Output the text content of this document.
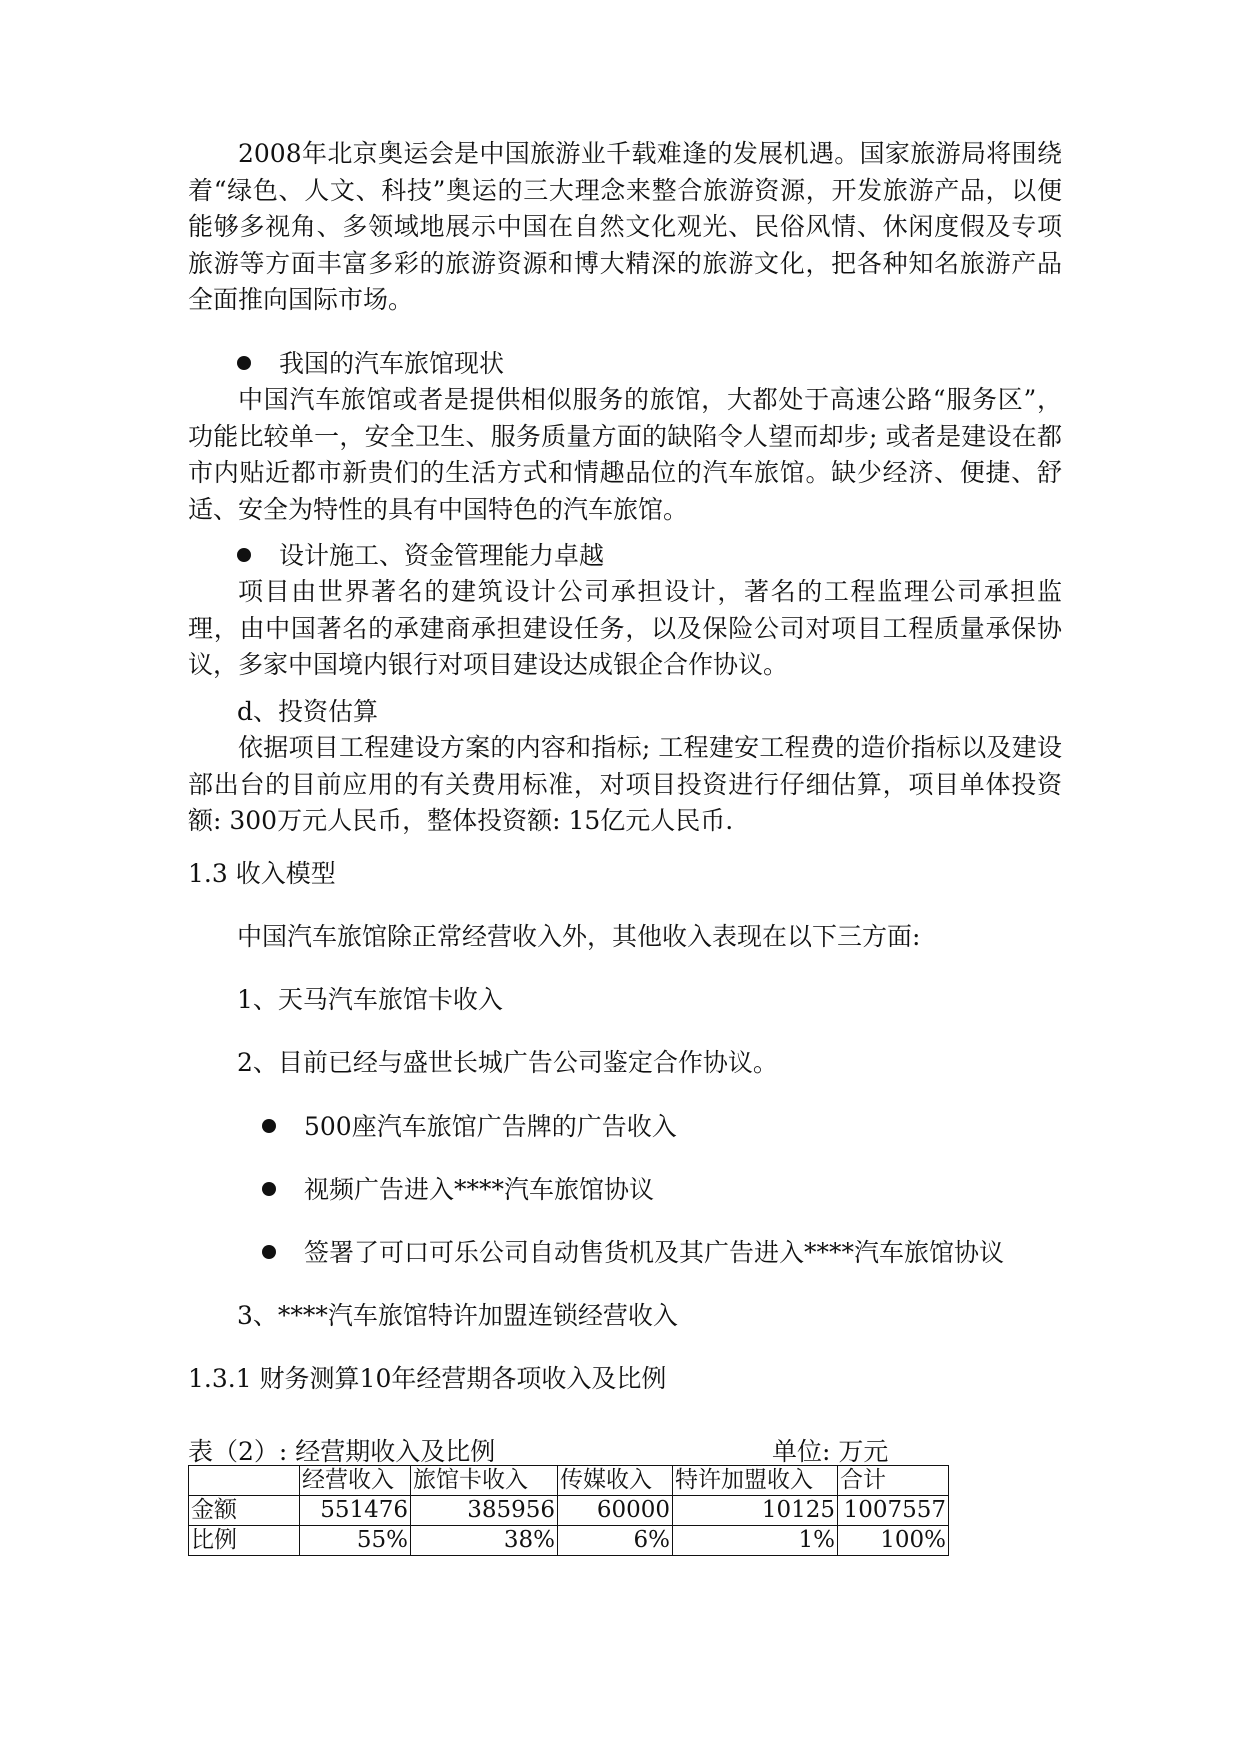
2008年北京奥运会是中国旅游业千载难逢的发展机遇。国家旅游局将围绕着“绿色、人文、科技”奥运的三大理念来整合旅游资源，开发旅游产品，以便能够多视角、多领域地展示中国在自然文化观光、民俗风情、休闲度假及专项旅游等方面丰富多彩的旅游资源和博大精深的旅游文化，把各种知名旅游产品全面推向国际市场。

我国的汽车旅馆现状

中国汽车旅馆或者是提供相似服务的旅馆，大都处于高速公路“服务区”，功能比较单一，安全卫生、服务质量方面的缺陷令人望而却步; 或者是建设在都市内贴近都市新贵们的生活方式和情趣品位的汽车旅馆。缺少经济、便捷、舒适、安全为特性的具有中国特色的汽车旅馆。

设计施工、资金管理能力卓越

项目由世界著名的建筑设计公司承担设计，著名的工程监理公司承担监理，由中国著名的承建商承担建设任务，以及保险公司对项目工程质量承保协议，多家中国境内银行对项目建设达成银企合作协议。

d、投资估算

依据项目工程建设方案的内容和指标; 工程建安工程费的造价指标以及建设部出台的目前应用的有关费用标准，对项目投资进行仔细估算，项目单体投资额: 300万元人民币，整体投资额: 15亿元人民币.

1.3 收入模型
中国汽车旅馆除正常经营收入外，其他收入表现在以下三方面:
1、天马汽车旅馆卡收入
2、目前已经与盛世长城广告公司鉴定合作协议。
500座汽车旅馆广告牌的广告收入
视频广告进入****汽车旅馆协议
签署了可口可乐公司自动售货机及其广告进入****汽车旅馆协议
3、****汽车旅馆特许加盟连锁经营收入
1.3.1 财务测算10年经营期各项收入及比例
表（2）: 经营期收入及比例	单位: 万元
	经营收入	旅馆卡收入	传媒收入	特许加盟收入	合计
金额	551476	385956	60000	10125	1007557
比例	55%	38%	6%	1%	100%
